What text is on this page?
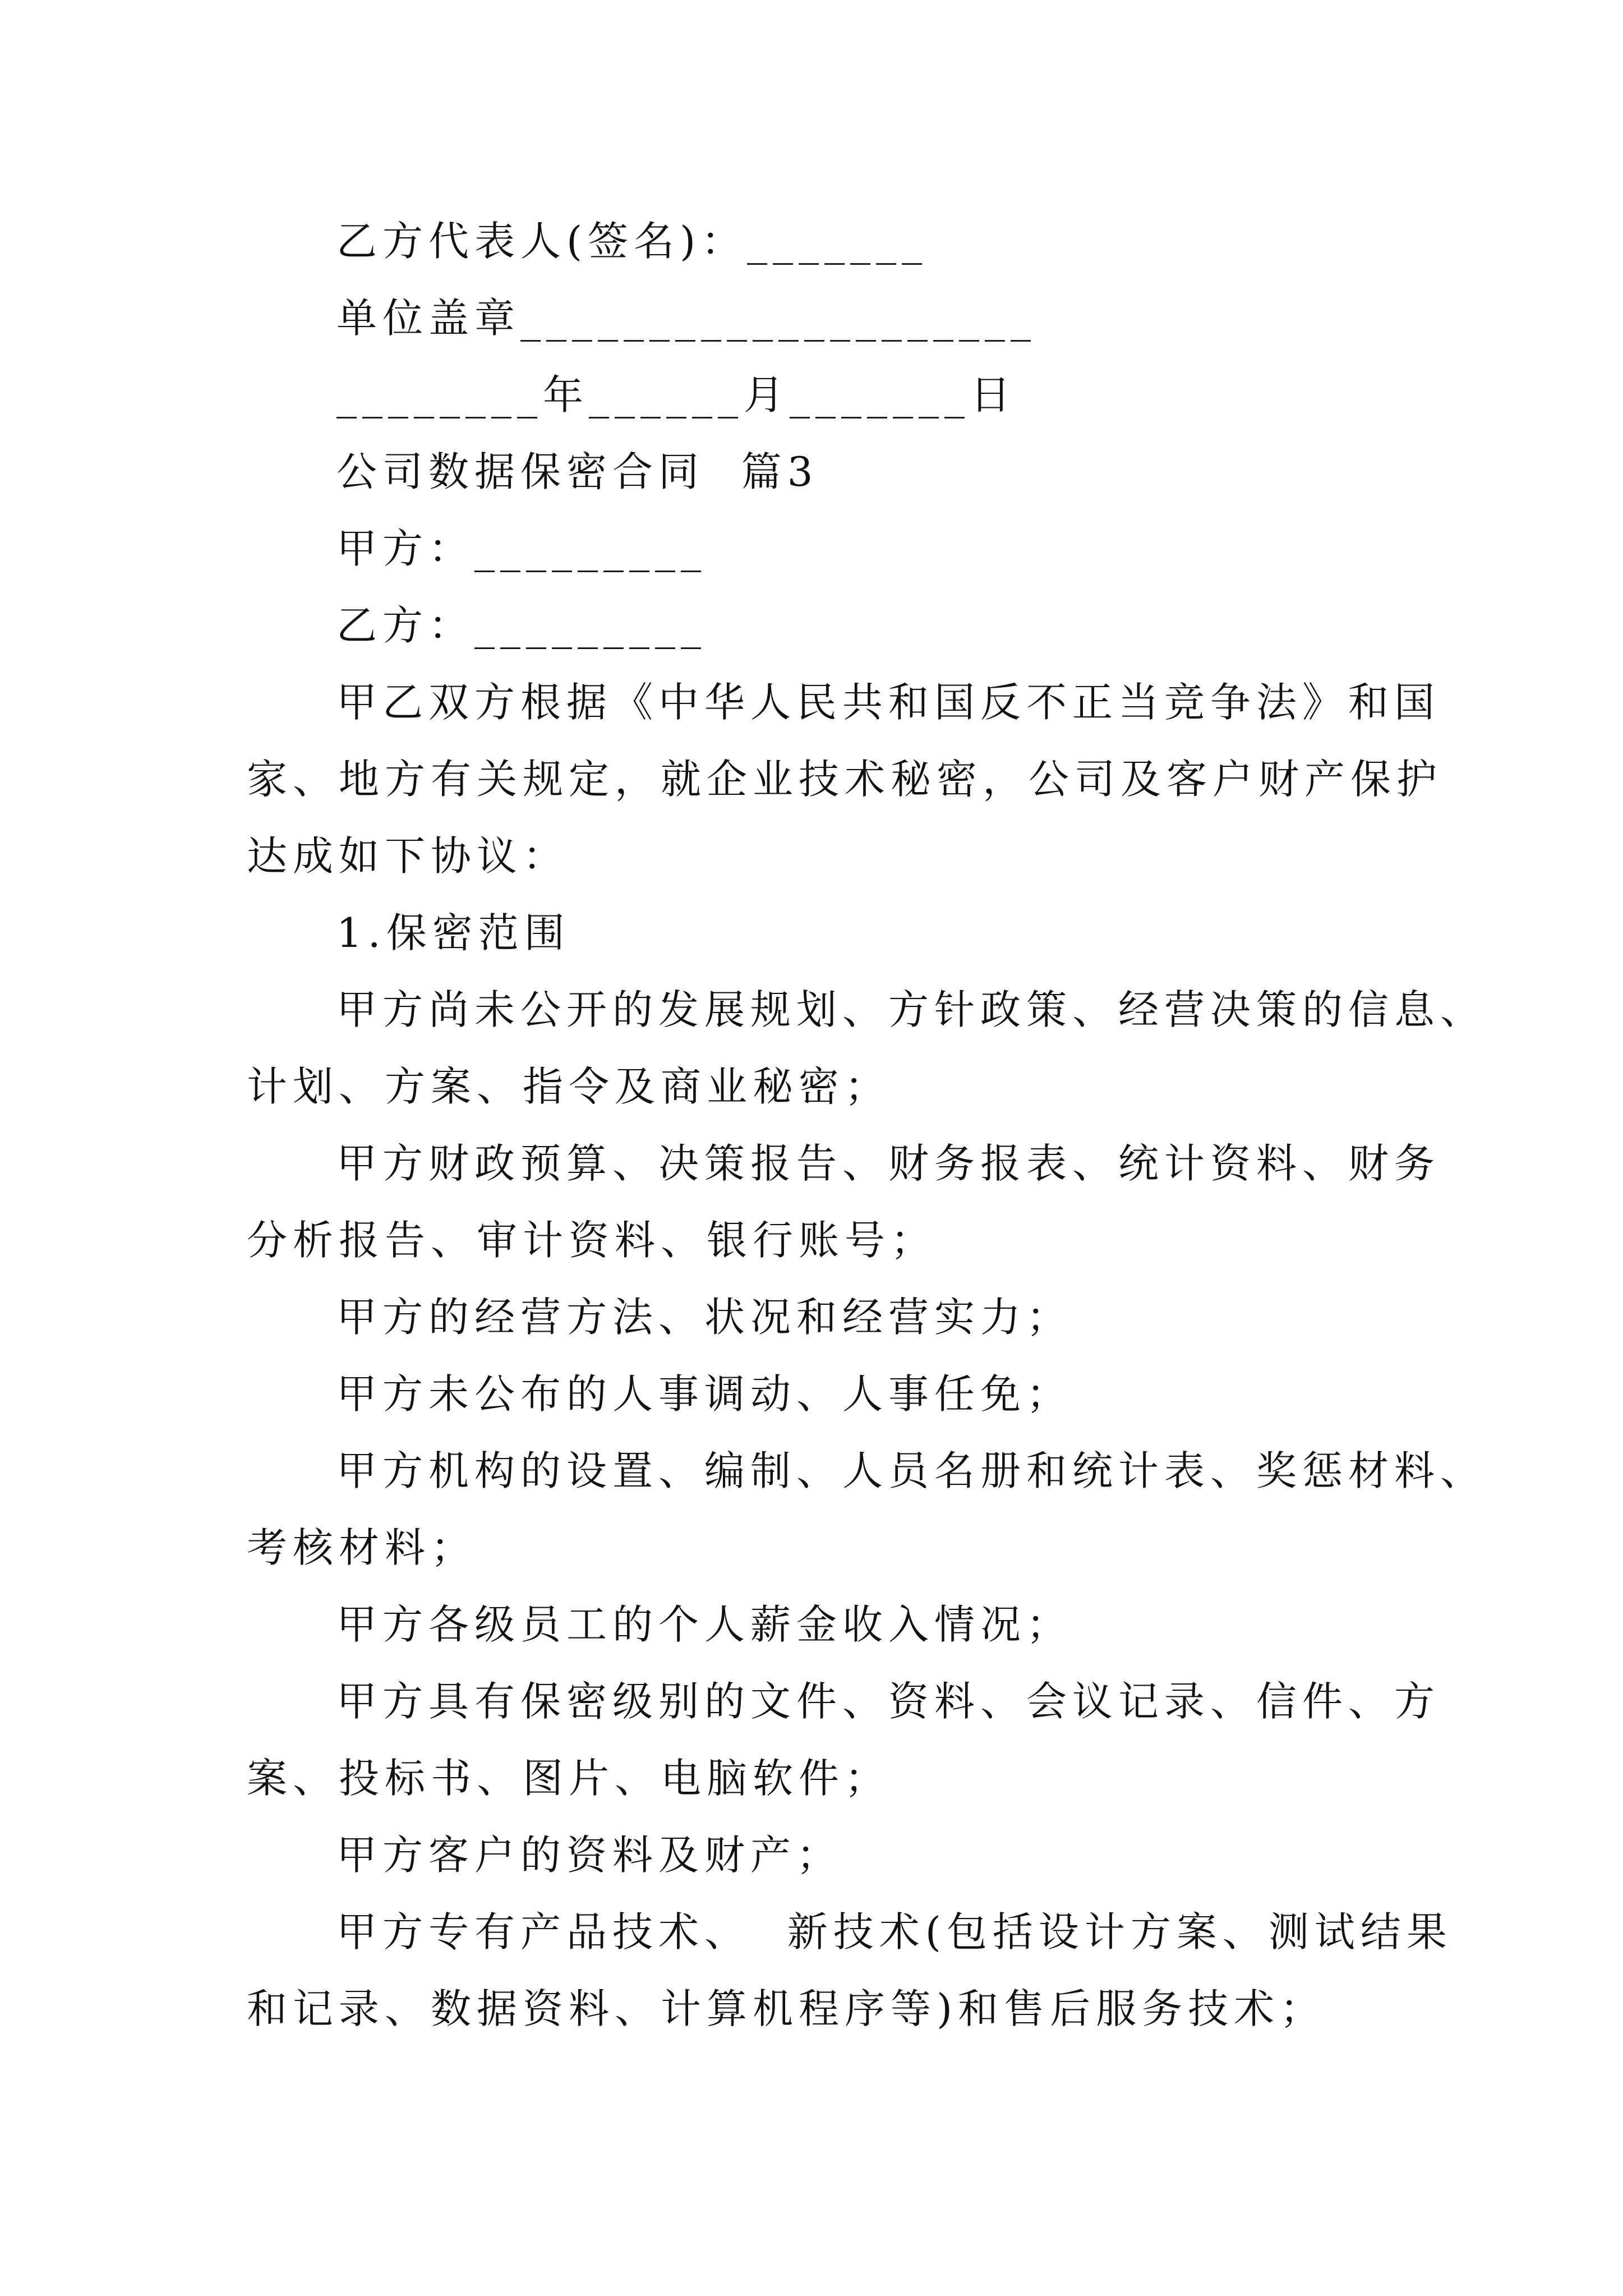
乙方代表人(签名)：_______
单位盖章____________________
________年______月_______日
公司数据保密合同  篇3
甲方：_________
乙方：_________
甲乙双方根据《中华人民共和国反不正当竞争法》和国
家、地方有关规定，就企业技术秘密，公司及客户财产保护
达成如下协议：
1.保密范围
甲方尚未公开的发展规划、方针政策、经营决策的信息、
计划、方案、指令及商业秘密；
甲方财政预算、决策报告、财务报表、统计资料、财务
分析报告、审计资料、银行账号；
甲方的经营方法、状况和经营实力；
甲方未公布的人事调动、人事任免；
甲方机构的设置、编制、人员名册和统计表、奖惩材料、
考核材料；
甲方各级员工的个人薪金收入情况；
甲方具有保密级别的文件、资料、会议记录、信件、方
案、投标书、图片、电脑软件；
甲方客户的资料及财产；
甲方专有产品技术、  新技术(包括设计方案、测试结果
和记录、数据资料、计算机程序等)和售后服务技术；
